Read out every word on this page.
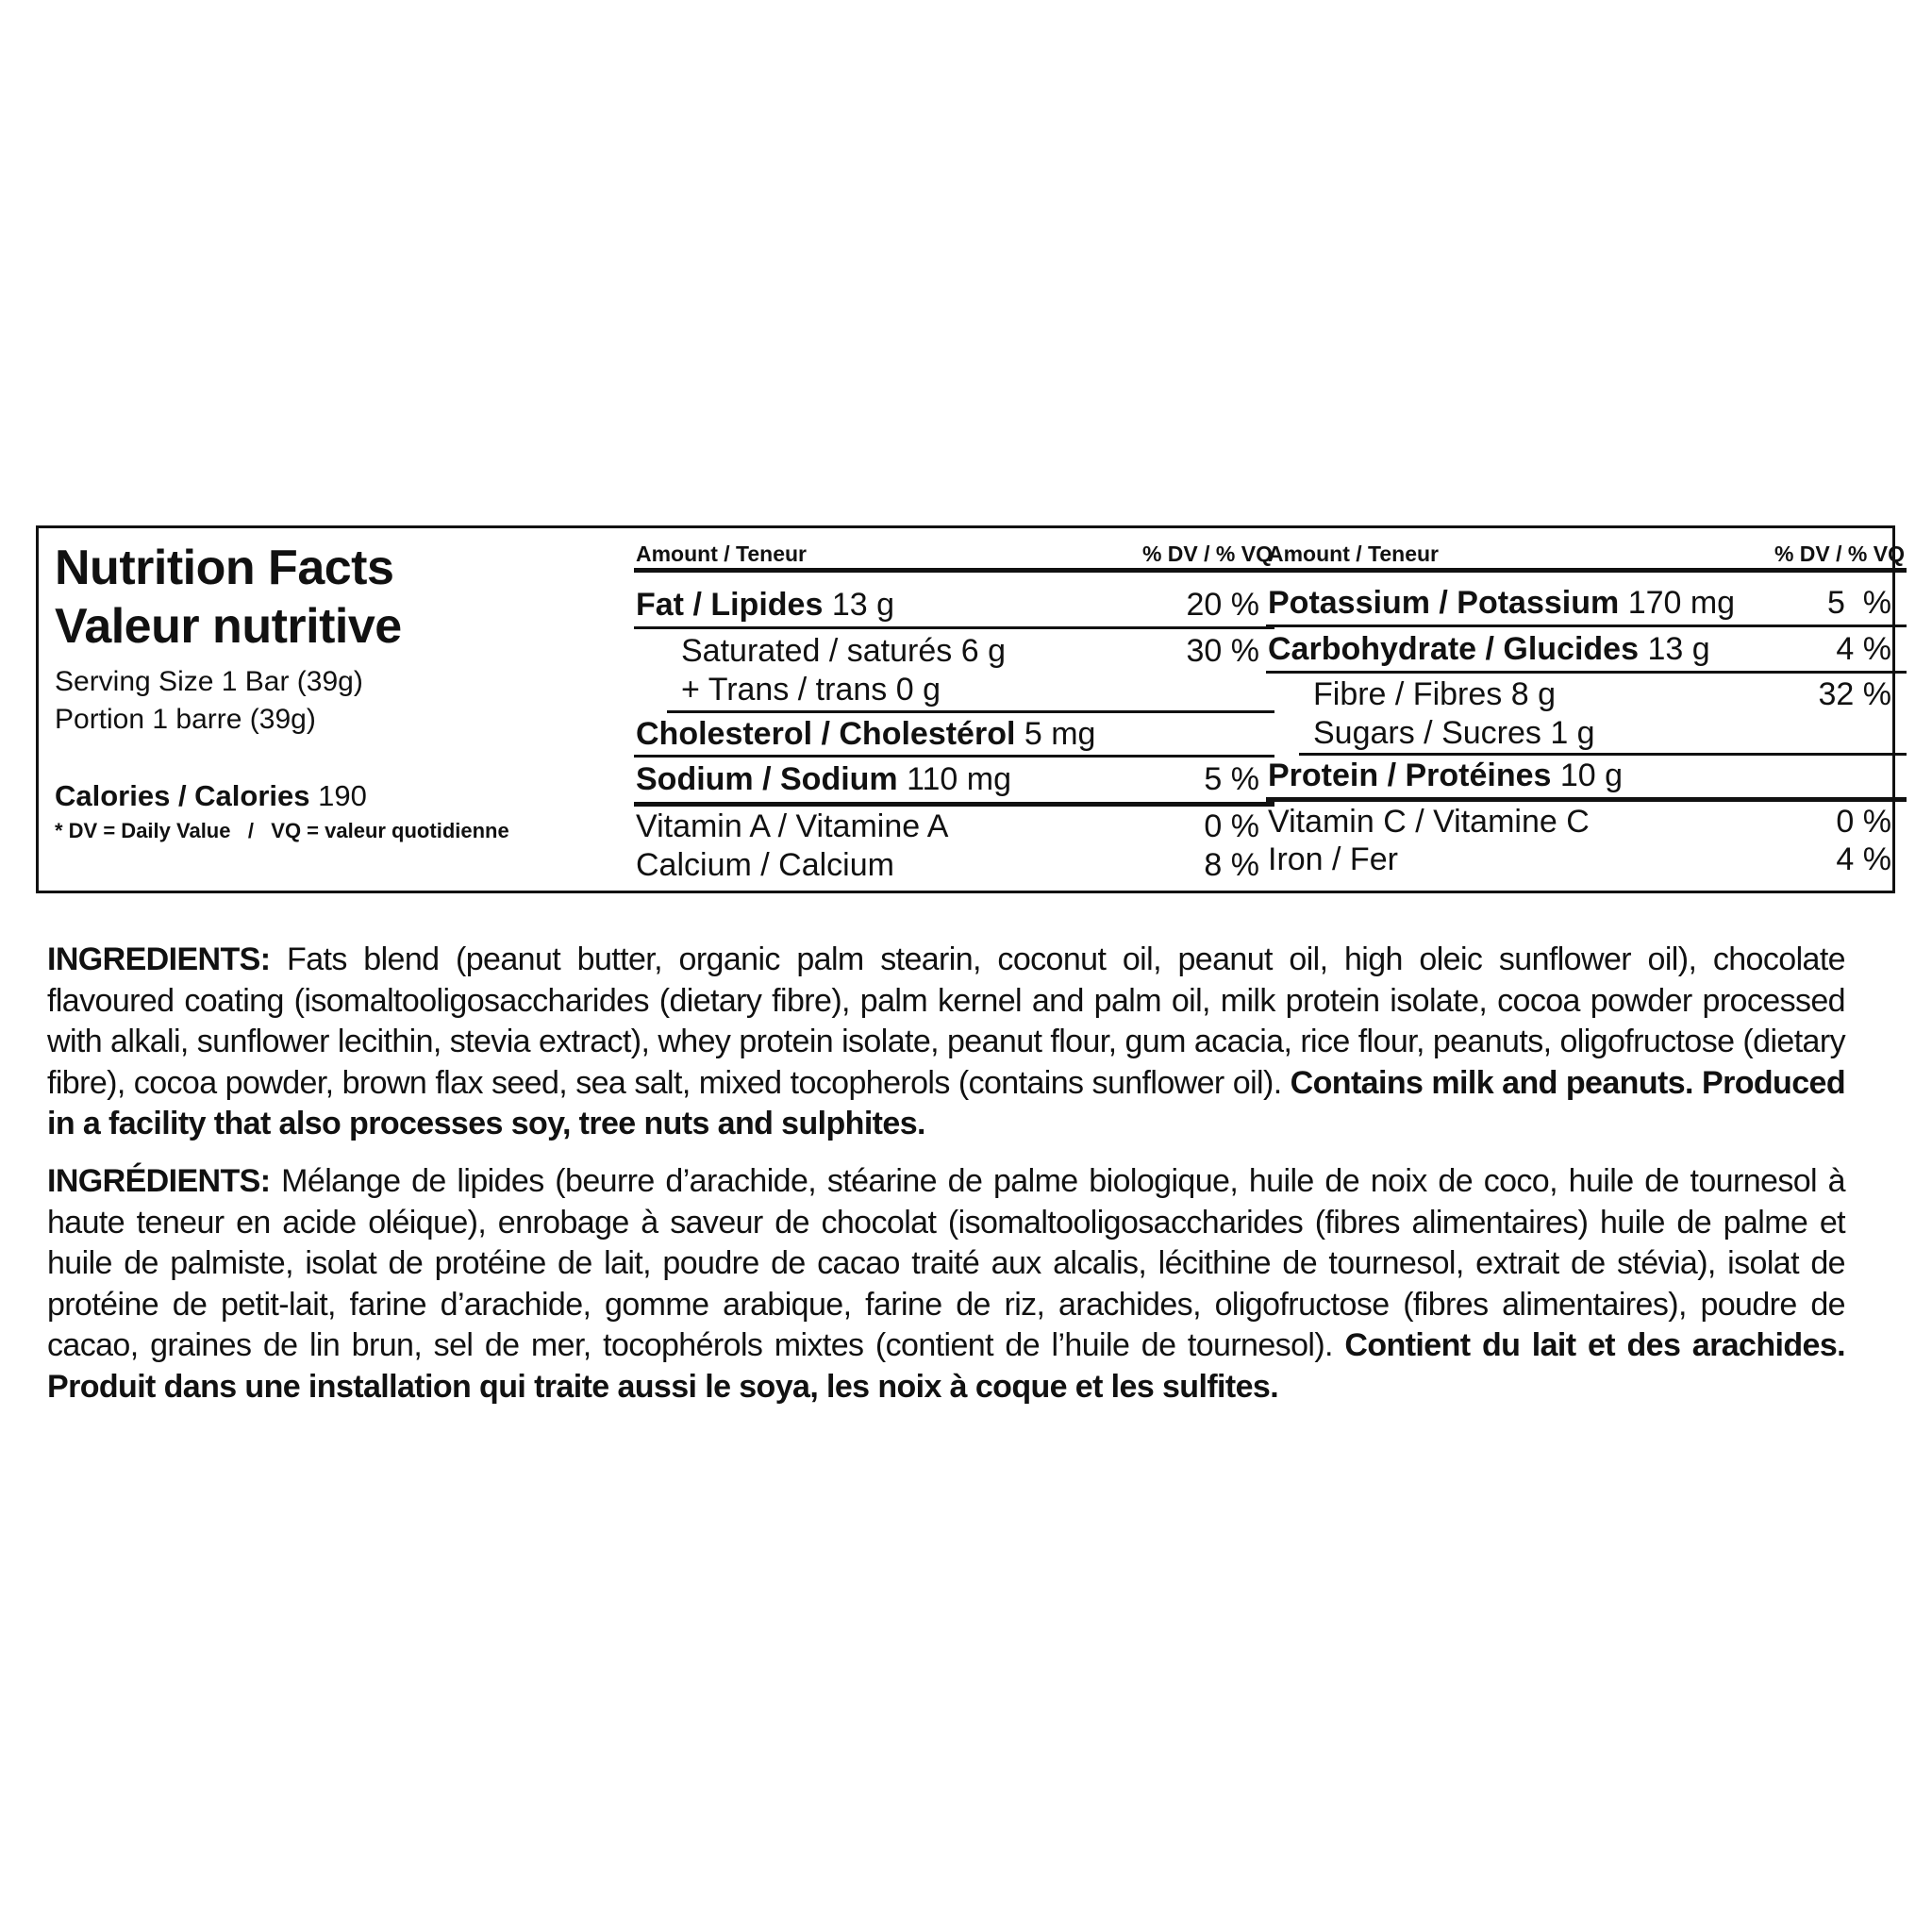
Nutrition Facts
Valeur nutritive
Serving Size 1 Bar (39g)
Portion 1 barre (39g)
Calories / Calories 190
* DV = Daily Value   /   VQ = valeur quotidienne
Amount / Teneur	% DV / % VQ
Fat / Lipides 13 g	20 %
Saturated / saturés 6 g	30 %
+ Trans / trans 0 g
Cholesterol / Cholestérol 5 mg
Sodium / Sodium 110 mg	5 %
Vitamin A / Vitamine A	0 %
Calcium / Calcium	8 %
Amount / Teneur	% DV / % VQ
Potassium / Potassium 170 mg	5  %
Carbohydrate / Glucides 13 g	4 %
Fibre / Fibres 8 g	32 %
Sugars / Sucres 1 g
Protein / Protéines 10 g
Vitamin C / Vitamine C	0 %
Iron / Fer	4 %
INGREDIENTS: Fats blend (peanut butter, organic palm stearin, coconut oil, peanut oil, high oleic sunflower oil), chocolate flavoured coating (isomaltooligosaccharides (dietary fibre), palm kernel and palm oil, milk protein isolate, cocoa powder processed with alkali, sunflower lecithin, stevia extract), whey protein isolate, peanut flour, gum acacia, rice flour, peanuts, oligofructose (dietary fibre), cocoa powder, brown flax seed, sea salt, mixed tocopherols (contains sunflower oil). Contains milk and peanuts. Produced in a facility that also processes soy, tree nuts and sulphites.
INGRÉDIENTS: Mélange de lipides (beurre d’arachide, stéarine de palme biologique, huile de noix de coco, huile de tournesol à haute teneur en acide oléique), enrobage à saveur de chocolat (isomaltooligosaccharides (fibres alimentaires) huile de palme et huile de palmiste, isolat de protéine de lait, poudre de cacao traité aux alcalis, lécithine de tournesol, extrait de stévia), isolat de protéine de petit-lait, farine d’arachide, gomme arabique, farine de riz, arachides, oligofructose (fibres alimentaires), poudre de cacao, graines de lin brun, sel de mer, tocophérols mixtes (contient de l’huile de tournesol). Contient du lait et des arachides. Produit dans une installation qui traite aussi le soya, les noix à coque et les sulfites.
